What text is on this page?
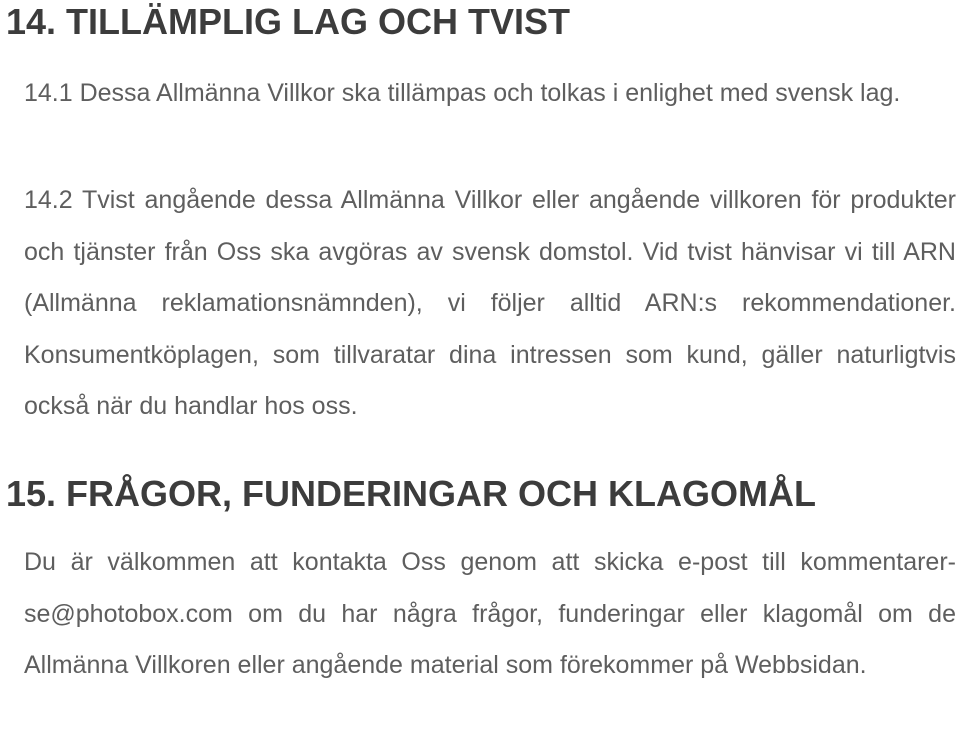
14. TILLÄMPLIG LAG OCH TVIST

14.1 Dessa Allmänna Villkor ska tillämpas och tolkas i enlighet med svensk lag.

14.2 Tvist angående dessa Allmänna Villkor eller angående villkoren för produkter och tjänster från Oss ska avgöras av svensk domstol. Vid tvist hänvisar vi till ARN (Allmänna reklamationsnämnden), vi följer alltid ARN:s rekommendationer. Konsumentköplagen, som tillvaratar dina intressen som kund, gäller naturligtvis också när du handlar hos oss.

15. FRÅGOR, FUNDERINGAR OCH KLAGOMÅL

Du är välkommen att kontakta Oss genom att skicka e-post till kommentarer-se@photobox.com om du har några frågor, funderingar eller klagomål om de Allmänna Villkoren eller angående material som förekommer på Webbsidan.
